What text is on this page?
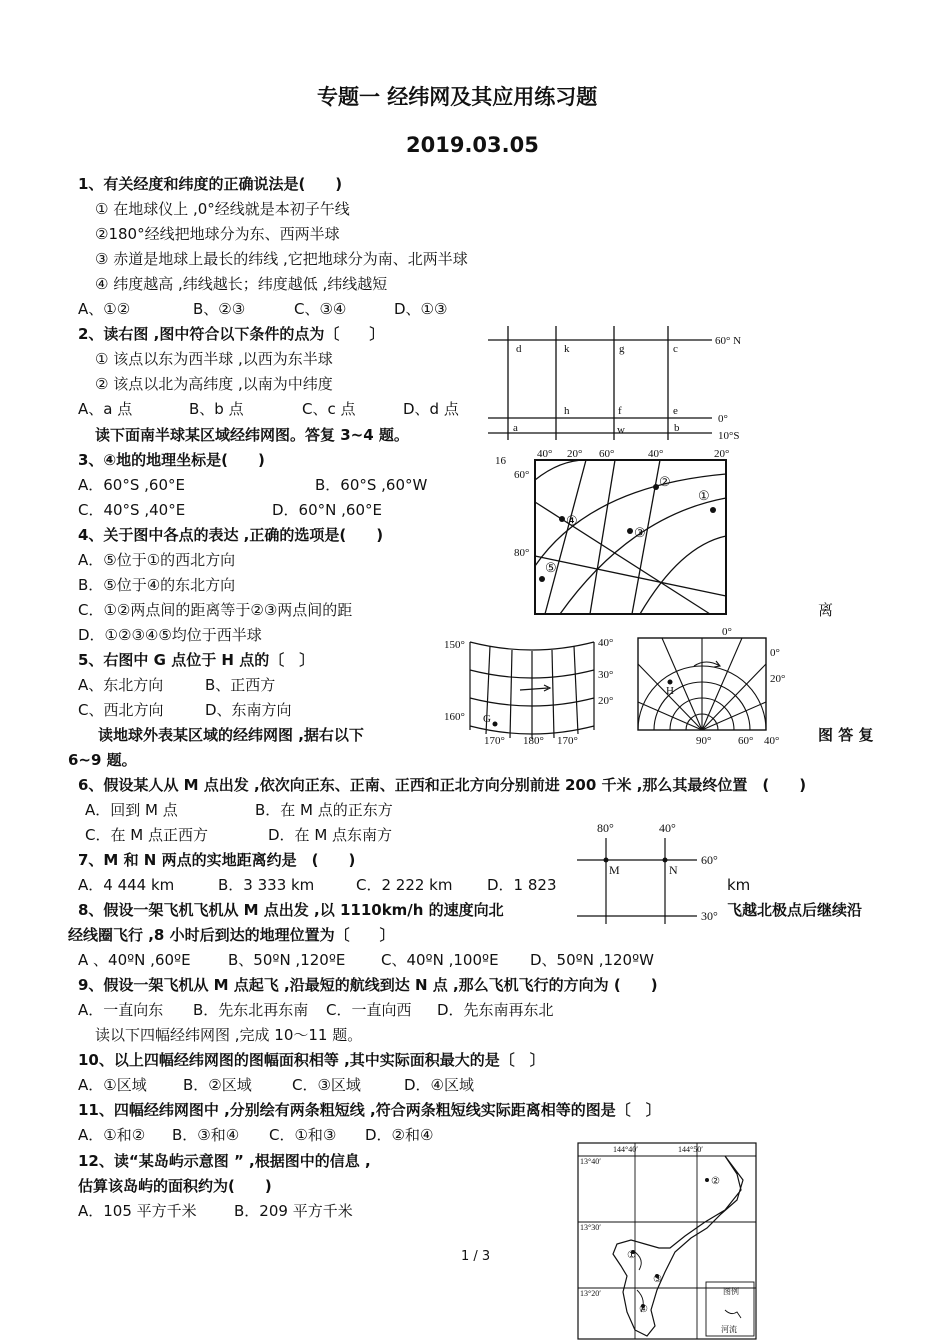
专题一 经纬网及其应用练习题
2019.03.05
1、有关经度和纬度的正确说法是(　　)
① 在地球仪上 ,0°经线就是本初子午线
②180°经线把地球分为东、西两半球
③ 赤道是地球上最长的纬线 ,它把地球分为南、北两半球
④ 纬度越高 ,纬线越长；纬度越低 ,纬线越短
A、①②	B、②③	C、③④	D、①③
2、读右图 ,图中符合以下条件的点为〔　　〕
① 该点以东为西半球 ,以西为东半球
② 该点以北为高纬度 ,以南为中纬度
A、a 点	B、b 点	C、c 点	D、d 点
读下面南半球某区域经纬网图。答复 3~4 题。
3、④地的地理坐标是(　　)
A．60°S ,60°E	B．60°S ,60°W
C．40°S ,40°E	D．60°N ,60°E
4、关于图中各点的表达 ,正确的选项是(　　)
A．⑤位于①的西北方向
B．⑤位于④的东北方向
C．①②两点间的距离等于②③两点间的距	离
D．①②③④⑤均位于西半球
5、右图中 G 点位于 H 点的〔　〕
A、东北方向	B、正西方
C、西北方向	D、东南方向
读地球外表某区域的经纬网图 ,据右以下	图 答 复
6~9 题。
6、假设某人从 M 点出发 ,依次向正东、正南、正西和正北方向分别前进 200 千米 ,那么其最终位置　(　　)
A．回到 M 点	B．在 M 点的正东方
C．在 M 点正西方	D．在 M 点东南方
7、M 和 N 两点的实地距离约是　(　　)
A．4 444 km	B．3 333 km	C．2 222 km D．1 823	km
8、假设一架飞机飞机从 M 点出发 ,以 1110km/h 的速度向北	飞越北极点后继续沿
经线圈飞行 ,8 小时后到达的地理位置为〔　　〕
A 、40ºN ,60ºE B、50ºN ,120ºE C、40ºN ,100ºE D、50ºN ,120ºW
9、假设一架飞机从 M 点起飞 ,沿最短的航线到达 N 点 ,那么飞机飞行的方向为 (　　)
A．一直向东 B．先东北再东南 C．一直向西 D．先东南再东北
读以下四幅经纬网图 ,完成 10～11 题。
10、以上四幅经纬网图的图幅面积相等 ,其中实际面积最大的是〔　〕
A．①区域 B．②区域	C．③区域	D．④区域
11、四幅经纬网图中 ,分别绘有两条粗短线 ,符合两条粗短线实际距离相等的图是〔　〕
A．①和② B．③和④ C．①和③ D．②和④
12、读“某岛屿示意图 ” ,根据图中的信息 ,
估算该岛屿的面积约为(　　)
A．105 平方千米 B．209 平方千米
1 / 3
60° N
0°
10°S
d	k	g	c
h	f	e
a	w	b
16
40° 20° 60°	40°	20°
60°
80°
①
②
③
④
⑤
150°
160°
40°
30°
20°
170° 180° 170°
G
0°
0°
20°
90° 60° 40°
H
80°	40°
60°
30°
M	N
144°40′	144°50′
13°40′
13°30′
13°20′
①
②
③
④
图例
河流
